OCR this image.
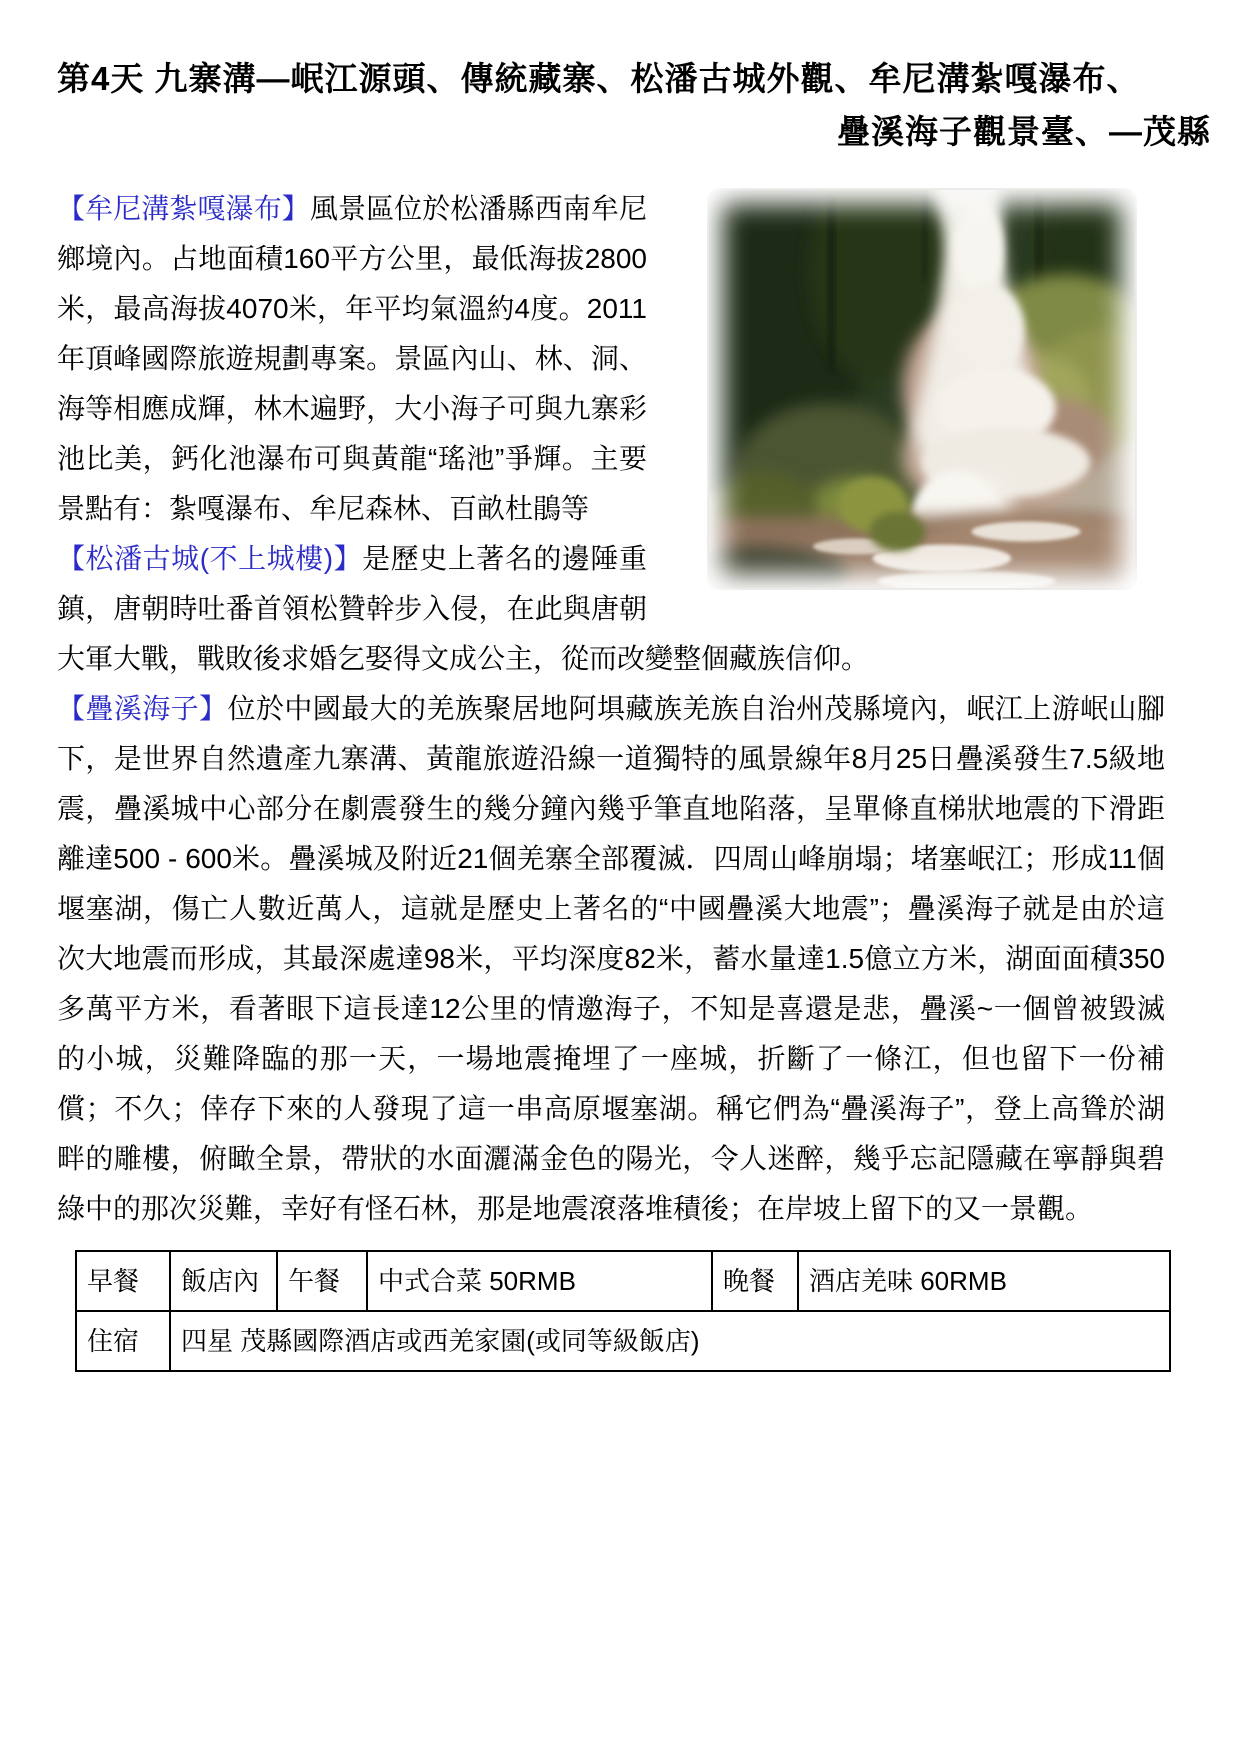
第4天 九寨溝—岷江源頭、傳統藏寨、松潘古城外觀、牟尼溝紮嘎瀑布、
疊溪海子觀景臺、—茂縣

【牟尼溝紮嘎瀑布】風景區位於松潘縣西南牟尼鄉境內。占地面積160平方公里，最低海拔2800米，最高海拔4070米，年平均氣溫約4度。2011年頂峰國際旅遊規劃專案。景區內山、林、洞、海等相應成輝，林木遍野，大小海子可與九寨彩池比美，鈣化池瀑布可與黃龍“瑤池”爭輝。主要景點有：紮嘎瀑布、牟尼森林、百畝杜鵑等

【松潘古城(不上城樓)】是歷史上著名的邊陲重鎮，唐朝時吐番首領松贊幹步入侵，在此與唐朝大軍大戰，戰敗後求婚乞娶得文成公主，從而改變整個藏族信仰。

【疊溪海子】位於中國最大的羌族聚居地阿埧藏族羌族自治州茂縣境內，岷江上游岷山腳下，是世界自然遺產九寨溝、黃龍旅遊沿線一道獨特的風景線年8月25日疊溪發生7.5級地震，疊溪城中心部分在劇震發生的幾分鐘內幾乎筆直地陷落，呈單條直梯狀地震的下滑距離達500 - 600米。疊溪城及附近21個羌寨全部覆滅．四周山峰崩塌；堵塞岷江；形成11個堰塞湖，傷亡人數近萬人，這就是歷史上著名的“中國疊溪大地震”；疊溪海子就是由於這次大地震而形成，其最深處達98米，平均深度82米，蓄水量達1.5億立方米，湖面面積350多萬平方米，看著眼下這長達12公里的情邀海子，不知是喜還是悲，疊溪~一個曾被毀滅的小城，災難降臨的那一天，一場地震掩埋了一座城，折斷了一條江，但也留下一份補償；不久；倖存下來的人發現了這一串高原堰塞湖。稱它們為“疊溪海子”，登上高聳於湖畔的雕樓，俯瞰全景，帶狀的水面灑滿金色的陽光，令人迷醉，幾乎忘記隱藏在寧靜與碧綠中的那次災難，幸好有怪石林，那是地震滾落堆積後；在岸坡上留下的又一景觀。

早餐	飯店內	午餐	中式合菜 50RMB	晚餐	酒店羌味 60RMB
住宿	四星 茂縣國際酒店或西羌家園(或同等級飯店)				
